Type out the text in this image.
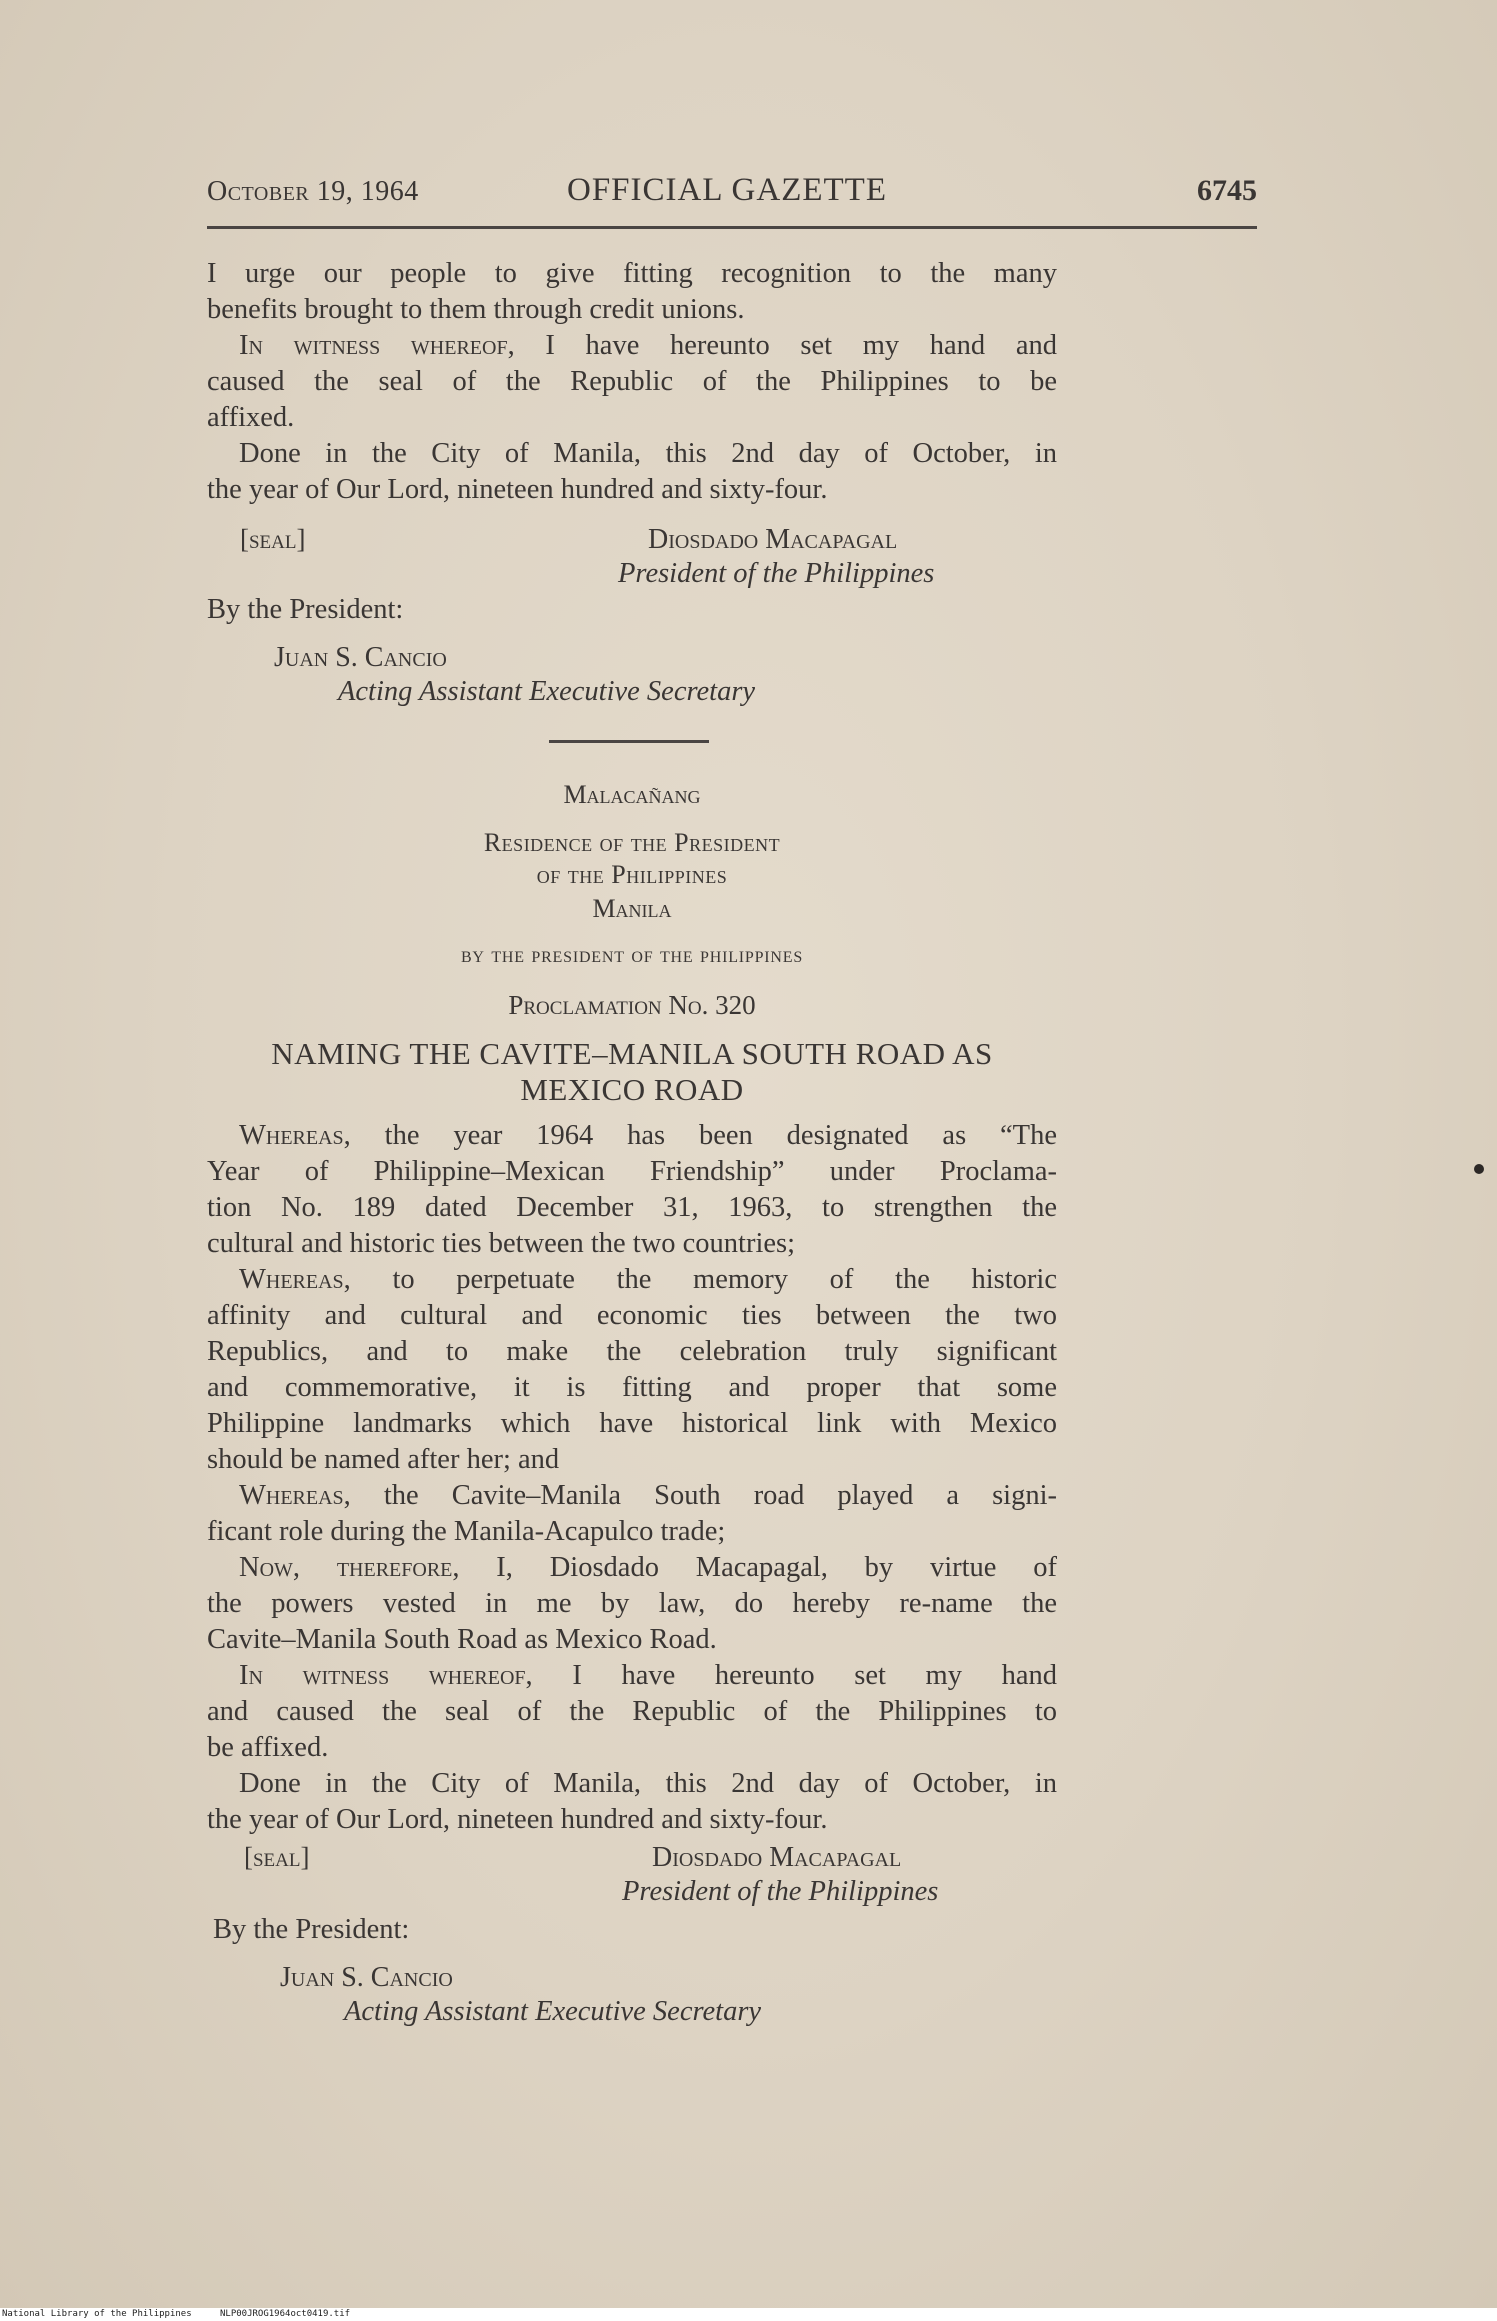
October 19, 1964	OFFICIAL GAZETTE	6745
I urge our people to give fitting recognition to the many
benefits brought to them through credit unions.
In witness whereof, I have hereunto set my hand and
caused the seal of the Republic of the Philippines to be
affixed.
Done in the City of Manila, this 2nd day of October, in
the year of Our Lord, nineteen hundred and sixty-four.
[seal]	Diosdado Macapagal
President of the Philippines
By the President:
Juan S. Cancio
Acting Assistant Executive Secretary
Malacañang
Residence of the President
of the Philippines
Manila
by the president of the philippines
Proclamation No. 320
NAMING THE CAVITE–MANILA SOUTH ROAD AS
MEXICO ROAD
Whereas, the year 1964 has been designated as “The
Year of Philippine–Mexican Friendship” under Proclama-
tion No. 189 dated December 31, 1963, to strengthen the
cultural and historic ties between the two countries;
Whereas, to perpetuate the memory of the historic
affinity and cultural and economic ties between the two
Republics, and to make the celebration truly significant
and commemorative, it is fitting and proper that some
Philippine landmarks which have historical link with Mexico
should be named after her; and
Whereas, the Cavite–Manila South road played a signi-
ficant role during the Manila-Acapulco trade;
Now, therefore, I, Diosdado Macapagal, by virtue of
the powers vested in me by law, do hereby re-name the
Cavite–Manila South Road as Mexico Road.
In witness whereof, I have hereunto set my hand
and caused the seal of the Republic of the Philippines to
be affixed.
Done in the City of Manila, this 2nd day of October, in
the year of Our Lord, nineteen hundred and sixty-four.
[seal]	Diosdado Macapagal
President of the Philippines
By the President:
Juan S. Cancio
Acting Assistant Executive Secretary
National Library of the Philippines	NLP00JROG1964oct0419.tif
